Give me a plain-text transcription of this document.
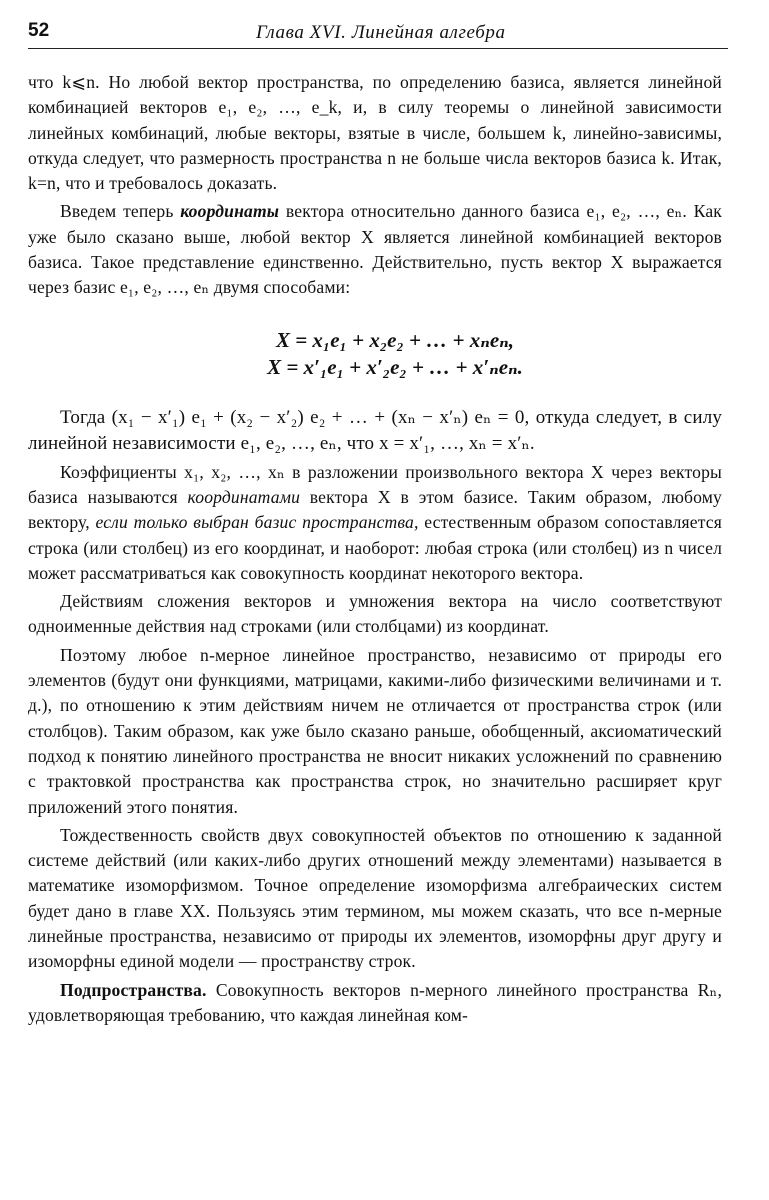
52	Глава XVI. Линейная алгебра

что k⩽n. Но любой вектор пространства, по определению базиса, является линейной комбинацией векторов e₁, e₂, …, e_k, и, в силу теоремы о линейной зависимости линейных комбинаций, любые векторы, взятые в числе, большем k, линейно-зависимы, откуда следует, что размерность пространства n не больше числа векторов базиса k. Итак, k=n, что и требовалось доказать.

Введем теперь координаты вектора относительно данного базиса e₁, e₂, …, eₙ. Как уже было сказано выше, любой вектор X является линейной комбинацией векторов базиса. Такое представление единственно. Действительно, пусть вектор X выражается через базис e₁, e₂, …, eₙ двумя способами:

X = x₁e₁ + x₂e₂ + … + xₙeₙ,
X = x′₁e₁ + x′₂e₂ + … + x′ₙeₙ.

Тогда (x₁ − x′₁) e₁ + (x₂ − x′₂) e₂ + … + (xₙ − x′ₙ) eₙ = 0, откуда следует, в силу линейной независимости e₁, e₂, …, eₙ, что x = x′₁, …, xₙ = x′ₙ.

Коэффициенты x₁, x₂, …, xₙ в разложении произвольного вектора X через векторы базиса называются координатами вектора X в этом базисе. Таким образом, любому вектору, если только выбран базис пространства, естественным образом сопоставляется строка (или столбец) из его координат, и наоборот: любая строка (или столбец) из n чисел может рассматриваться как совокупность координат некоторого вектора.

Действиям сложения векторов и умножения вектора на число соответствуют одноименные действия над строками (или столбцами) из координат.

Поэтому любое n-мерное линейное пространство, независимо от природы его элементов (будут они функциями, матрицами, какими-либо физическими величинами и т. д.), по отношению к этим действиям ничем не отличается от пространства строк (или столбцов). Таким образом, как уже было сказано раньше, обобщенный, аксиоматический подход к понятию линейного пространства не вносит никаких усложнений по сравнению с трактовкой пространства как пространства строк, но значительно расширяет круг приложений этого понятия.

Тождественность свойств двух совокупностей объектов по отношению к заданной системе действий (или каких-либо других отношений между элементами) называется в математике изоморфизмом. Точное определение изоморфизма алгебраических систем будет дано в главе XX. Пользуясь этим термином, мы можем сказать, что все n-мерные линейные пространства, независимо от природы их элементов, изоморфны друг другу и изоморфны единой модели — пространству строк.

Подпространства. Совокупность векторов n-мерного линейного пространства Rₙ, удовлетворяющая требованию, что каждая линейная ком-
